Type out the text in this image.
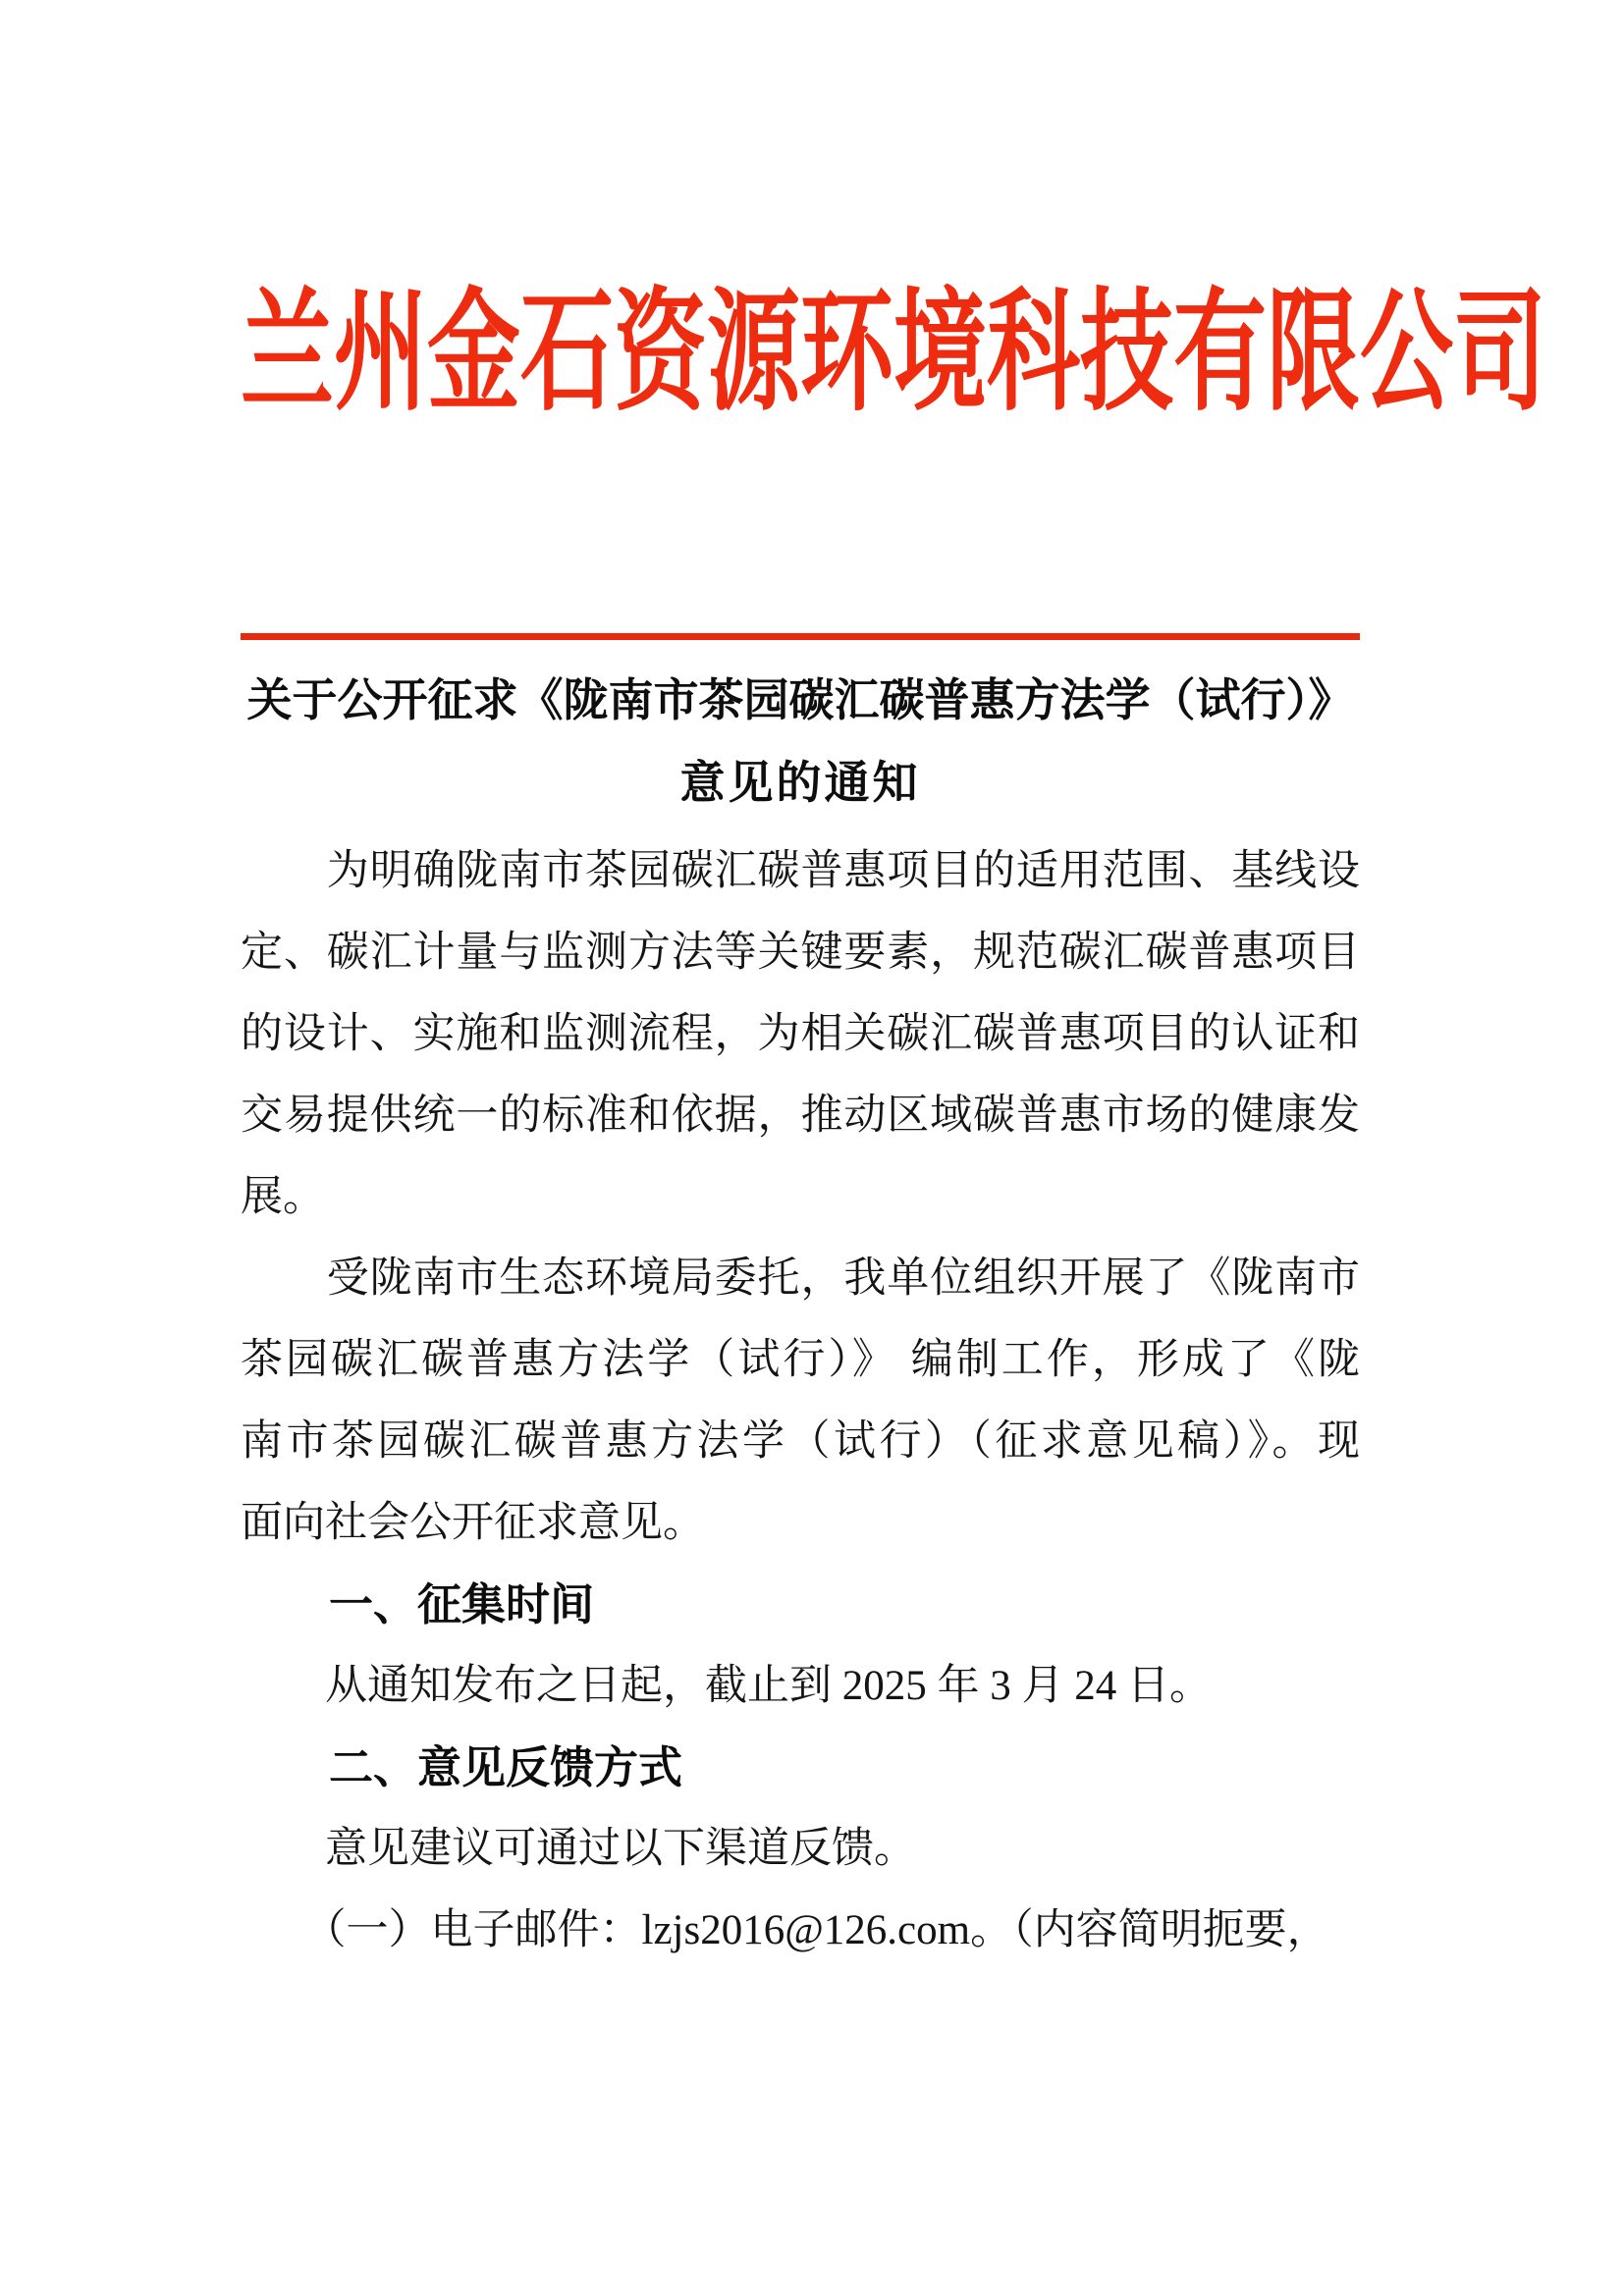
兰州金石资源环境科技有限公司
关于公开征求《陇南市茶园碳汇碳普惠方法学（试行）》
意见的通知
　　为明确陇南市茶园碳汇碳普惠项目的适用范围、基线设
定、碳汇计量与监测方法等关键要素，规范碳汇碳普惠项目
的设计、实施和监测流程，为相关碳汇碳普惠项目的认证和
交易提供统一的标准和依据，推动区域碳普惠市场的健康发
展。
　　受陇南市生态环境局委托，我单位组织开展了《陇南市
茶园碳汇碳普惠方法学（试行）》 编制工作，形成了《陇
南市茶园碳汇碳普惠方法学（试行）（征求意见稿）》。现
面向社会公开征求意见。
　　一、征集时间
　　从通知发布之日起，截止到 2025 年 3 月 24 日。
　　二、意见反馈方式
　　意见建议可通过以下渠道反馈。
　　（一）电子邮件：lzjs2016@126.com。（内容简明扼要，
